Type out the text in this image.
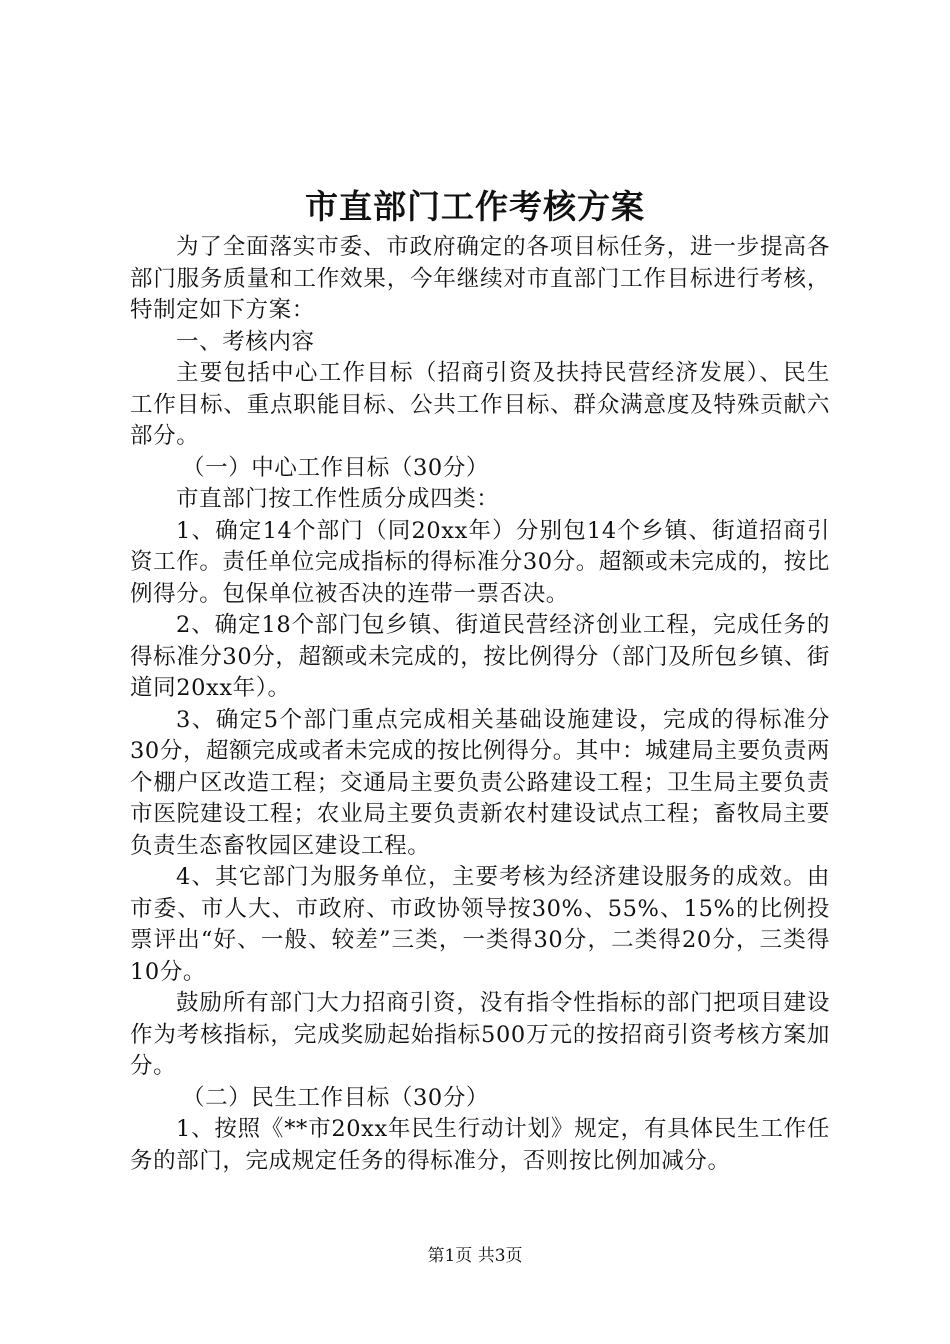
市直部门工作考核方案

为了全面落实市委、市政府确定的各项目标任务，进一步提高各部门服务质量和工作效果，今年继续对市直部门工作目标进行考核，特制定如下方案：

一、考核内容

主要包括中心工作目标（招商引资及扶持民营经济发展）、民生工作目标、重点职能目标、公共工作目标、群众满意度及特殊贡献六部分。

（一）中心工作目标（30分）

市直部门按工作性质分成四类：

1、确定14个部门（同20xx年）分别包14个乡镇、街道招商引资工作。责任单位完成指标的得标准分30分。超额或未完成的，按比例得分。包保单位被否决的连带一票否决。

2、确定18个部门包乡镇、街道民营经济创业工程，完成任务的得标准分30分，超额或未完成的，按比例得分（部门及所包乡镇、街道同20xx年）。

3、确定5个部门重点完成相关基础设施建设，完成的得标准分30分，超额完成或者未完成的按比例得分。其中：城建局主要负责两个棚户区改造工程；交通局主要负责公路建设工程；卫生局主要负责市医院建设工程；农业局主要负责新农村建设试点工程；畜牧局主要负责生态畜牧园区建设工程。

4、其它部门为服务单位，主要考核为经济建设服务的成效。由市委、市人大、市政府、市政协领导按30%、55%、15%的比例投票评出“好、一般、较差”三类，一类得30分，二类得20分，三类得10分。

鼓励所有部门大力招商引资，没有指令性指标的部门把项目建设作为考核指标，完成奖励起始指标500万元的按招商引资考核方案加分。

（二）民生工作目标（30分）

1、按照《**市20xx年民生行动计划》规定，有具体民生工作任务的部门，完成规定任务的得标准分，否则按比例加减分。

第1页 共3页
